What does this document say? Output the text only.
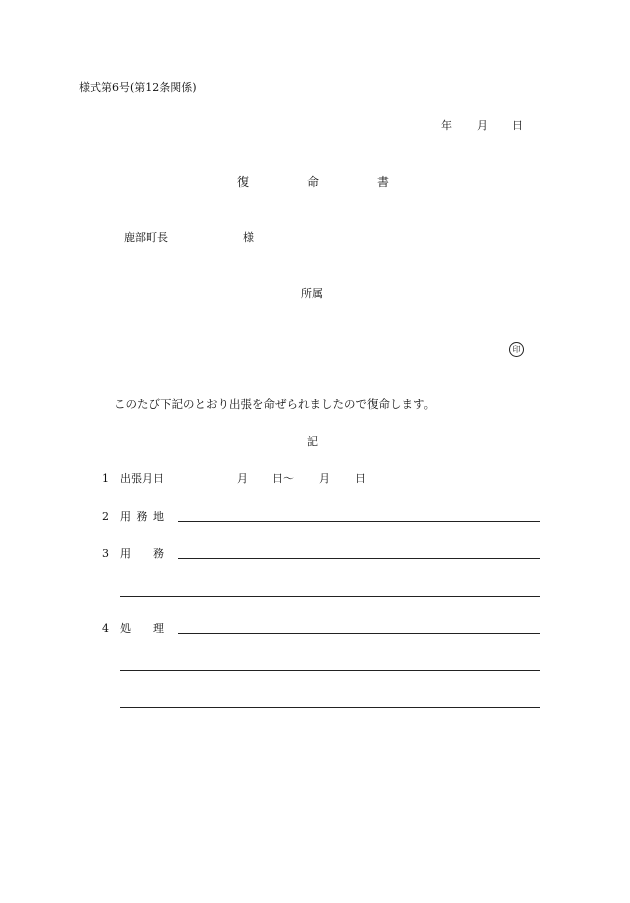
様式第6号(第12条関係)
年 月 日
復	命	書
鹿部町長	様
所属
印
このたび下記のとおり出張を命ぜられましたので復命します。
記
1 出張月日	月 日〜 月 日
2 用 務 地
3 用　　務
4 処　　理
